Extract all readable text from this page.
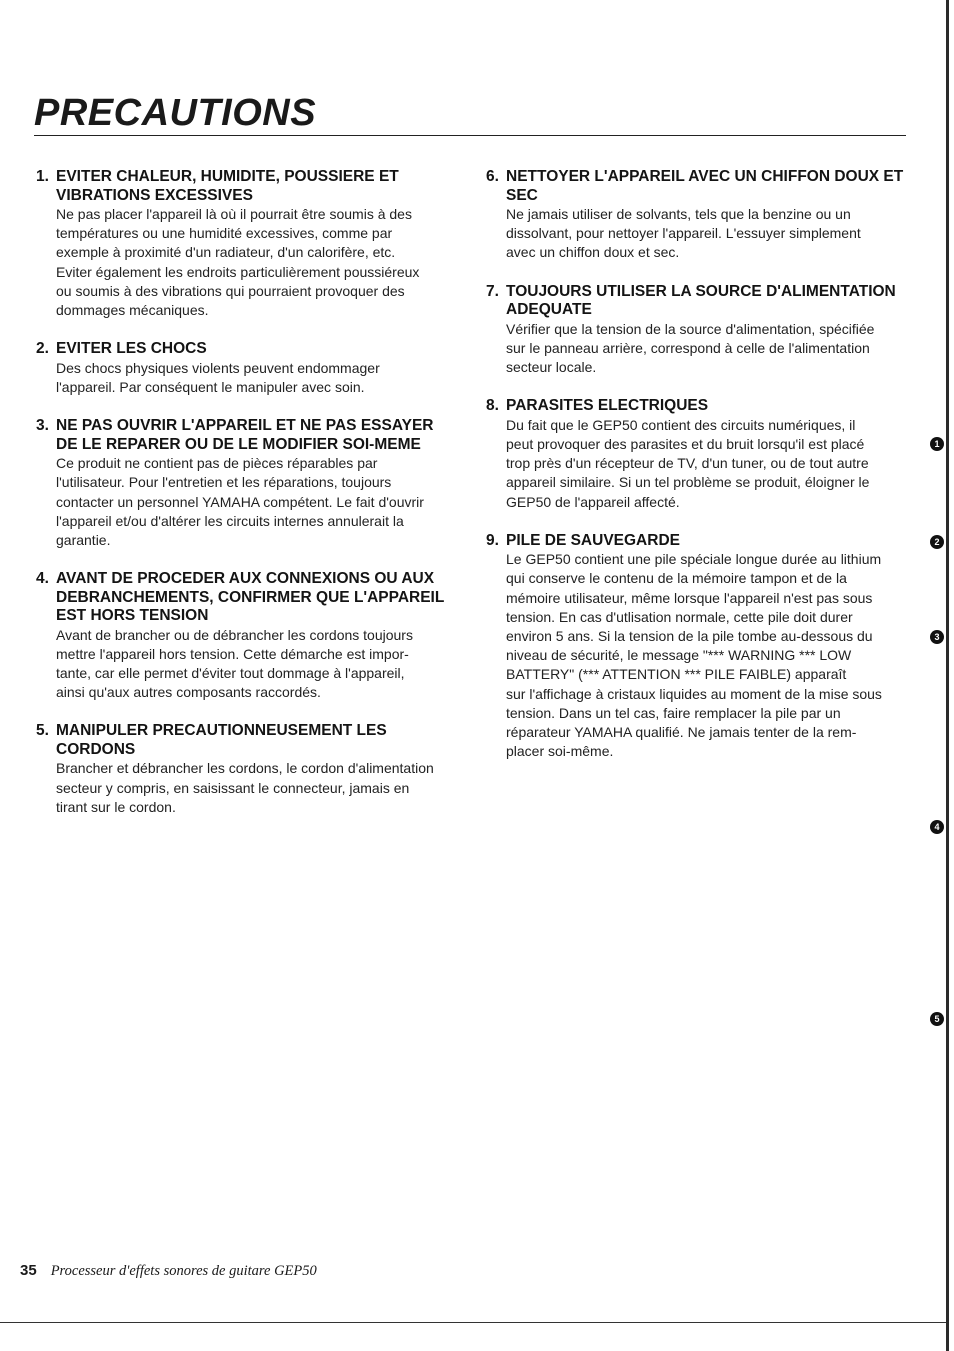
PRECAUTIONS
1. EVITER CHALEUR, HUMIDITE, POUSSIERE ET VIBRATIONS EXCESSIVES
Ne pas placer l'appareil là où il pourrait être soumis à des
températures ou une humidité excessives, comme par
exemple à proximité d'un radiateur, d'un calorifère, etc.
Eviter également les endroits particulièrement poussiéreux
ou soumis à des vibrations qui pourraient provoquer des
dommages mécaniques.
2. EVITER LES CHOCS
Des chocs physiques violents peuvent endommager
l'appareil. Par conséquent le manipuler avec soin.
3. NE PAS OUVRIR L'APPAREIL ET NE PAS ESSAYER DE LE REPARER OU DE LE MODIFIER SOI-MEME
Ce produit ne contient pas de pièces réparables par
l'utilisateur. Pour l'entretien et les réparations, toujours
contacter un personnel YAMAHA compétent. Le fait d'ouvrir
l'appareil et/ou d'altérer les circuits internes annulerait la
garantie.
4. AVANT DE PROCEDER AUX CONNEXIONS OU AUX DEBRANCHEMENTS, CONFIRMER QUE L'APPAREIL EST HORS TENSION
Avant de brancher ou de débrancher les cordons toujours
mettre l'appareil hors tension. Cette démarche est impor-
tante, car elle permet d'éviter tout dommage à l'appareil,
ainsi qu'aux autres composants raccordés.
5. MANIPULER PRECAUTIONNEUSEMENT LES CORDONS
Brancher et débrancher les cordons, le cordon d'alimentation
secteur y compris, en saisissant le connecteur, jamais en
tirant sur le cordon.
6. NETTOYER L'APPAREIL AVEC UN CHIFFON DOUX ET SEC
Ne jamais utiliser de solvants, tels que la benzine ou un
dissolvant, pour nettoyer l'appareil. L'essuyer simplement
avec un chiffon doux et sec.
7. TOUJOURS UTILISER LA SOURCE D'ALIMENTATION ADEQUATE
Vérifier que la tension de la source d'alimentation, spécifiée
sur le panneau arrière, correspond à celle de l'alimentation
secteur locale.
8. PARASITES ELECTRIQUES
Du fait que le GEP50 contient des circuits numériques, il
peut provoquer des parasites et du bruit lorsqu'il est placé
trop près d'un récepteur de TV, d'un tuner, ou de tout autre
appareil similaire. Si un tel problème se produit, éloigner le
GEP50 de l'appareil affecté.
9. PILE DE SAUVEGARDE
Le GEP50 contient une pile spéciale longue durée au lithium
qui conserve le contenu de la mémoire tampon et de la
mémoire utilisateur, même lorsque l'appareil n'est pas sous
tension. En cas d'utlisation normale, cette pile doit durer
environ 5 ans. Si la tension de la pile tombe au-dessous du
niveau de sécurité, le message "*** WARNING *** LOW
BATTERY" (*** ATTENTION *** PILE FAIBLE) apparaît
sur l'affichage à cristaux liquides au moment de la mise sous
tension. Dans un tel cas, faire remplacer la pile par un
réparateur YAMAHA qualifié. Ne jamais tenter de la rem-
placer soi-même.
35 Processeur d'effets sonores de guitare GEP50
1
2
3
4
5
